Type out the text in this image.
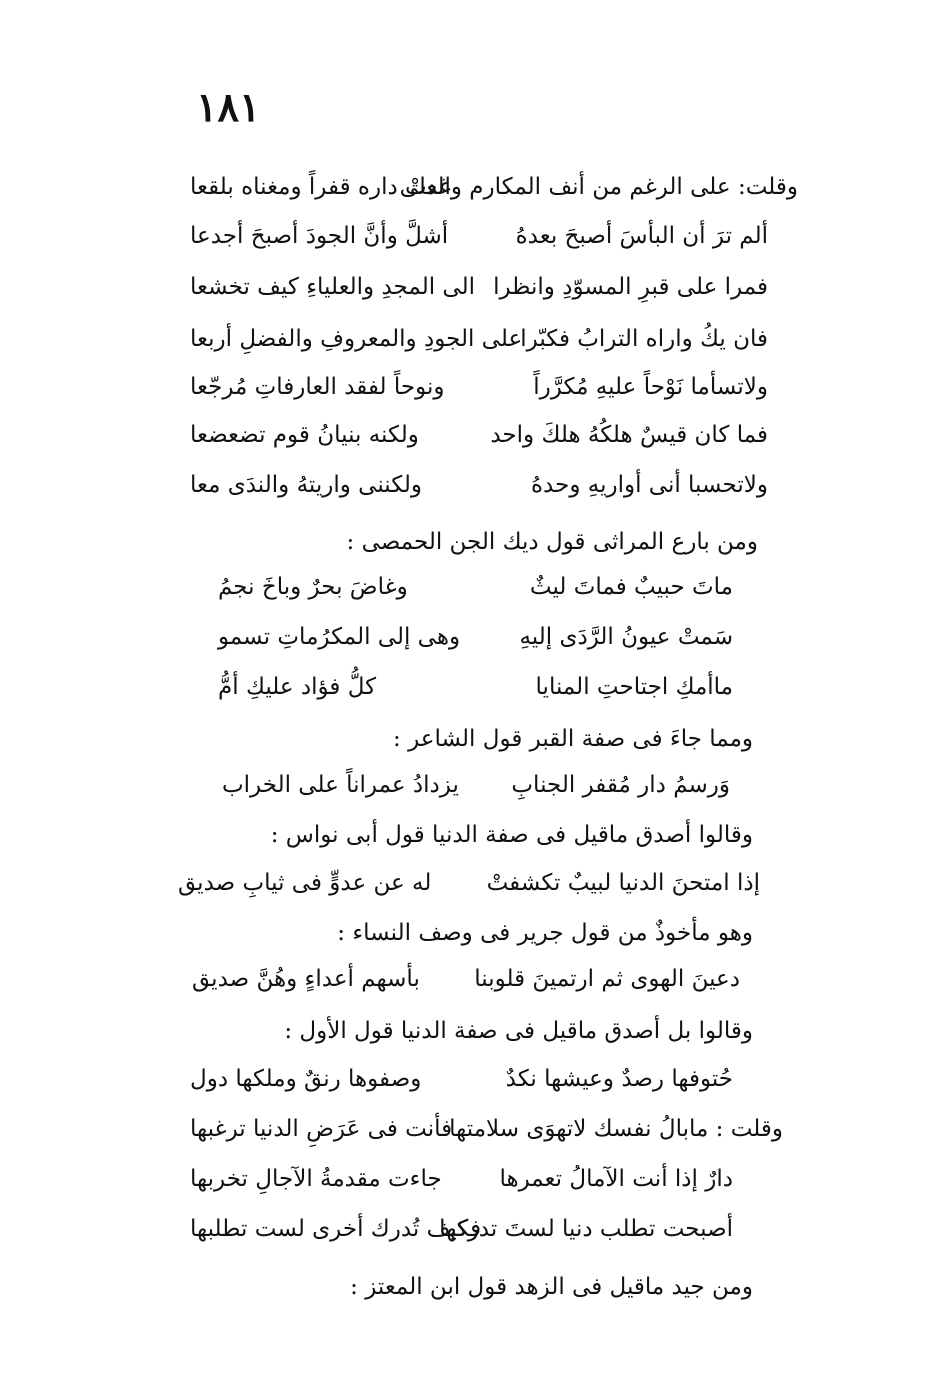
١٨١
وقلت: على الرغم من أنف المكارم والعلى
غدتْ داره قفراً ومغناه بلقعا
ألم ترَ أن البأسَ أصبحَ بعدهُ
أشلَّ وأنَّ الجودَ أصبحَ أجدعا
فمرا على قبرِ المسوّدِ وانظرا
الى المجدِ والعلياءِ كيف تخشعا
فان يكُ واراه الترابُ فكبّرا
على الجودِ والمعروفِ والفضلِ أربعا
ولاتسأما نَوْحاً عليهِ مُكرَّراً
ونوحاً لفقد العارفاتِ مُرجّعا
فما كان قيسٌ هلكُهُ هلكَ واحد
ولكنه بنيانُ قوم تضعضعا
ولاتحسبا أنى أواريهِ وحدهُ
ولكننى واريتهُ والندَى معا
ومن بارع المراثى قول ديك الجن الحمصى :
ماتَ حبيبٌ فماتَ ليثٌ
وغاضَ بحرٌ وباخَ نجمُ
سَمتْ عيونُ الرَّدَى إليهِ
وهى إلى المكرُماتِ تسمو
ماأمكِ اجتاحتِ المنايا
كلُّ فؤاد عليكِ أمُّ
ومما جاءَ فى صفة القبر قول الشاعر :
وَرسمُ دار مُقفر الجنابِ
يزدادُ عمراناً على الخراب
وقالوا أصدق ماقيل فى صفة الدنيا قول أبى نواس :
إذا امتحنَ الدنيا لبيبٌ تكشفتْ
له عن عدوٍّ فى ثيابِ صديق
وهو مأخوذٌ من قول جرير فى وصف النساء :
دعينَ الهوى ثم ارتمينَ قلوبنا
بأسهم أعداءٍ وهُنَّ صديق
وقالوا بل أصدق ماقيل فى صفة الدنيا قول الأول :
حُتوفها رصدٌ وعيشها نكدٌ
وصفوها رنقٌ وملكها دول
وقلت : مابالُ نفسك لاتهوَى سلامتها
فأنت فى عَرَضِ الدنيا ترغبها
دارٌ إذا أنت الآمالُ تعمرها
جاءت مقدمةُ الآجالِ تخربها
أصبحت تطلب دنيا لستَ تدركها
فكيف تُدرك أخرى لست تطلبها
ومن جيد ماقيل فى الزهد قول ابن المعتز :
